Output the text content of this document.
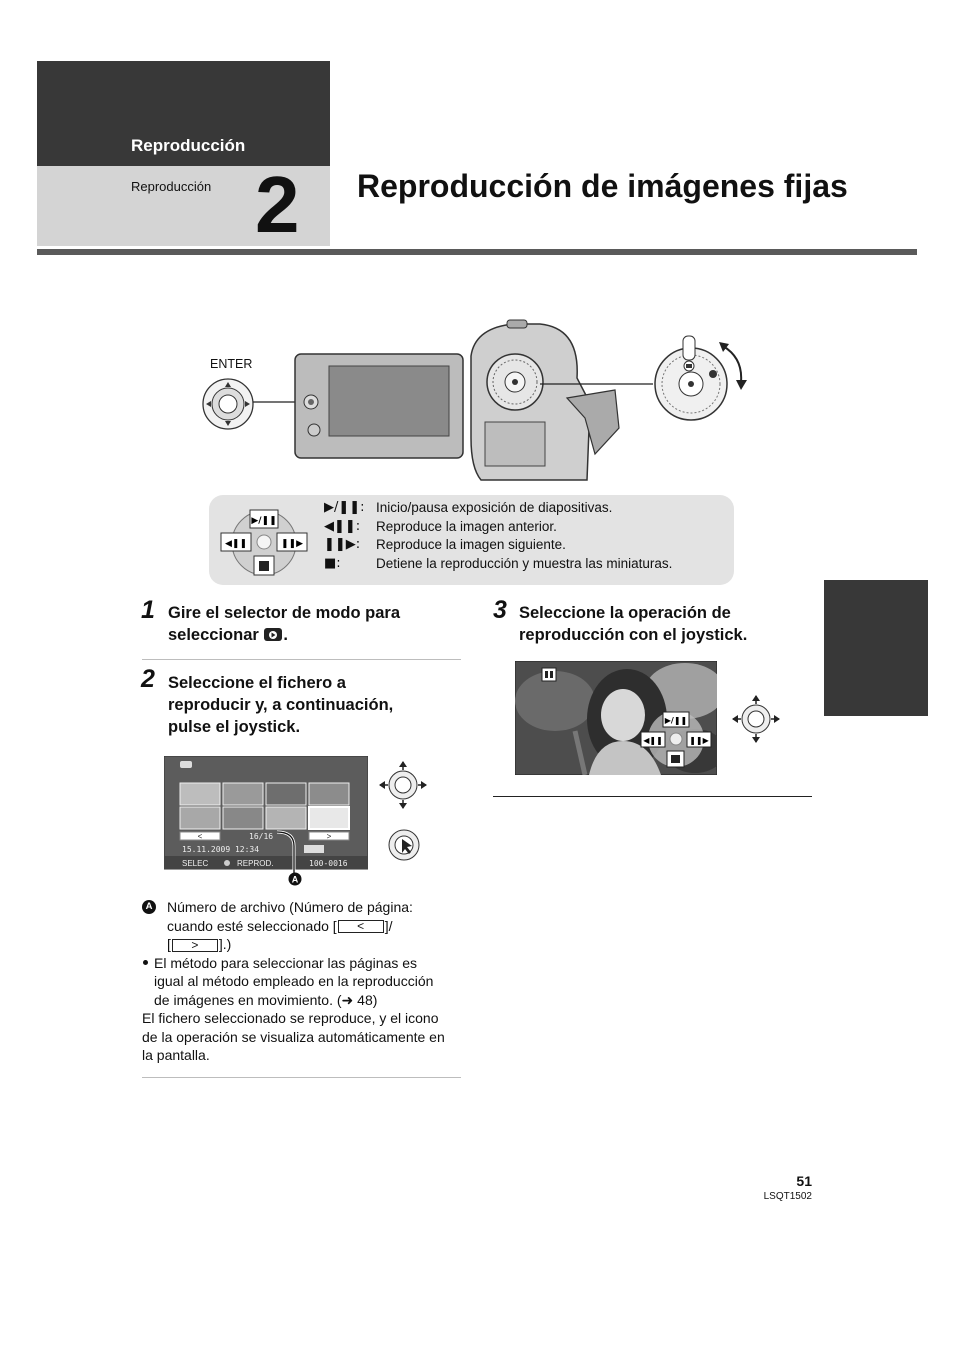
Reproducción
Reproducción 2 Reproducción de imágenes fijas
ENTER
▶/❚❚
◀❚❚	❚❚▶
▶/❚❚: Inicio/pausa exposición de diapositivas.
◀❚❚: Reproduce la imagen anterior.
❚❚▶: Reproduce la imagen siguiente.
■:	Detiene la reproducción y muestra las miniaturas.
1 Gire el selector de modo para
seleccionar .
2 Seleccione el fichero a
reproducir y, a continuación,
pulse el joystick.
<	>
16/16
15.11.2009 12:34
SELEC	REPROD.	100-0016
A
A Número de archivo (Número de página:
cuando esté seleccionado [ < ]/
[ > ].)
El método para seleccionar las páginas es
igual al método empleado en la reproducción
de imágenes en movimiento. (➜ 48)
El fichero seleccionado se reproduce, y el icono
de la operación se visualiza automáticamente en
la pantalla.
3 Seleccione la operación de
reproducción con el joystick.
▶/❚❚
◀❚❚	❚❚▶
51
LSQT1502
